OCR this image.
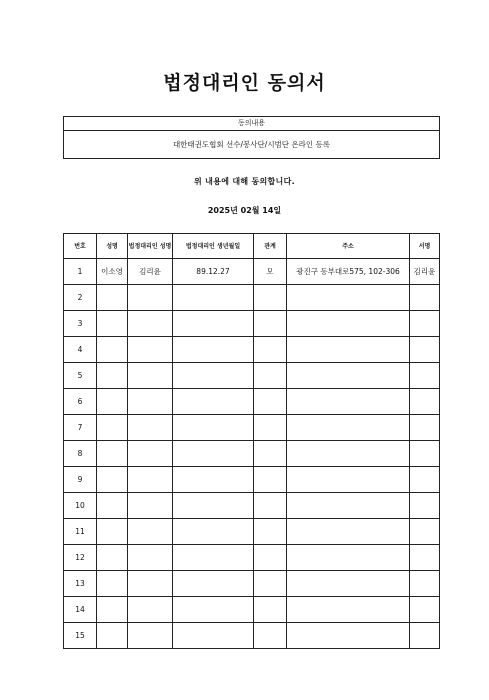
법정대리인 동의서
동의내용
대한태권도협회 선수/봉사단/시범단 온라인 등록
위 내용에 대해 동의합니다.
2025년 02월 14일
번호	성명	법정대리인 성명	법정대리인 생년월일	관계	주소	서명
1	이소영	김리윤	89.12.27	모	광진구 동부대로575, 102-306	김리윤
2						
3						
4						
5						
6						
7						
8						
9						
10						
11						
12						
13						
14						
15						
